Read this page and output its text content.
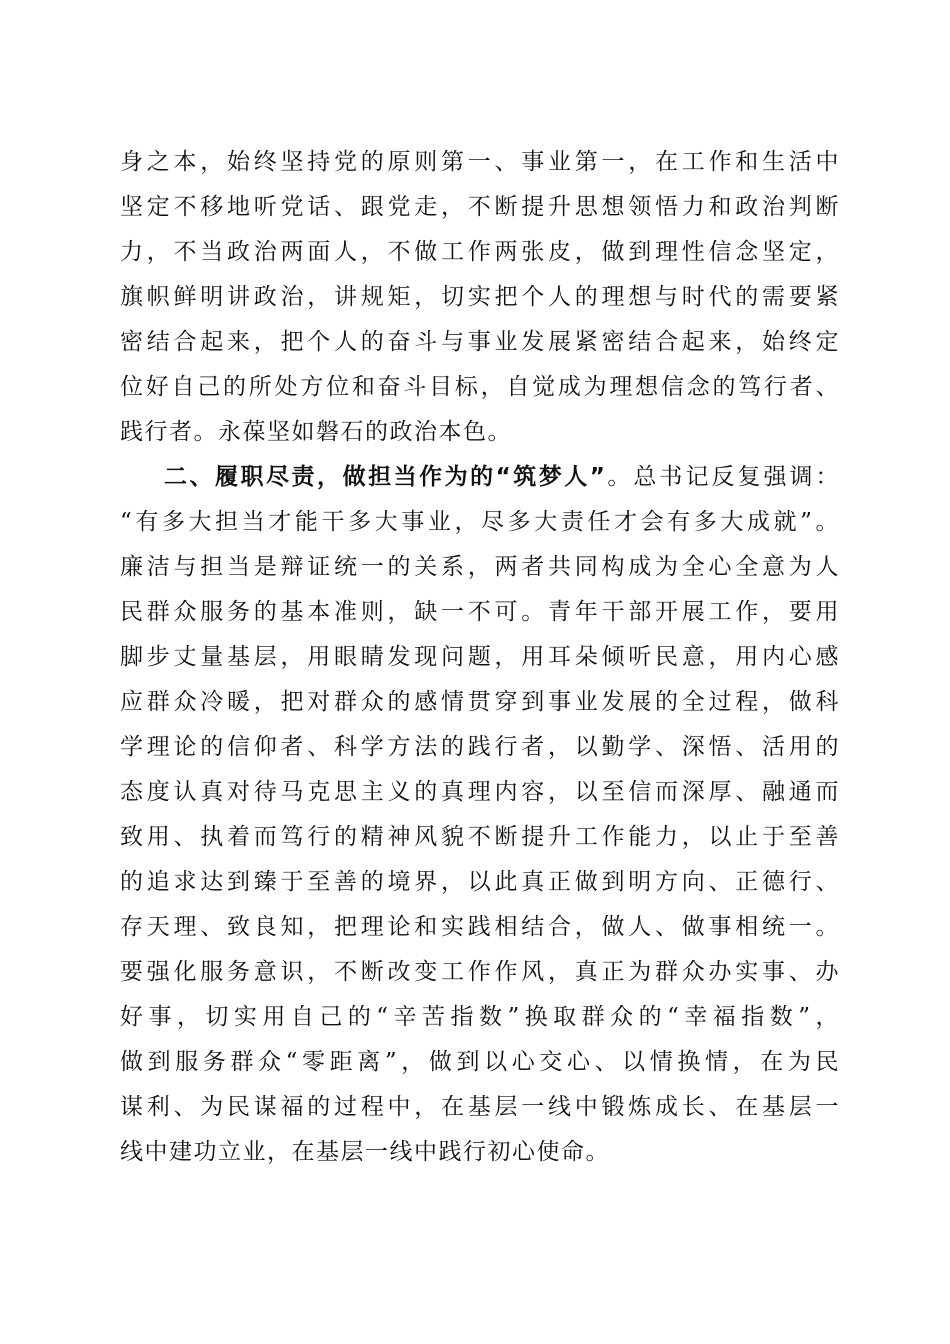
身之本，始终坚持党的原则第一、事业第一，在工作和生活中
坚定不移地听党话、跟党走，不断提升思想领悟力和政治判断
力，不当政治两面人，不做工作两张皮，做到理性信念坚定，
旗帜鲜明讲政治，讲规矩，切实把个人的理想与时代的需要紧
密结合起来，把个人的奋斗与事业发展紧密结合起来，始终定
位好自己的所处方位和奋斗目标，自觉成为理想信念的笃行者、
践行者。永葆坚如磐石的政治本色。
二、履职尽责，做担当作为的“筑梦人”。总书记反复强调：
“有多大担当才能干多大事业，尽多大责任才会有多大成就”。
廉洁与担当是辩证统一的关系，两者共同构成为全心全意为人
民群众服务的基本准则，缺一不可。青年干部开展工作，要用
脚步丈量基层，用眼睛发现问题，用耳朵倾听民意，用内心感
应群众冷暖，把对群众的感情贯穿到事业发展的全过程，做科
学理论的信仰者、科学方法的践行者，以勤学、深悟、活用的
态度认真对待马克思主义的真理内容，以至信而深厚、融通而
致用、执着而笃行的精神风貌不断提升工作能力，以止于至善
的追求达到臻于至善的境界，以此真正做到明方向、正德行、
存天理、致良知，把理论和实践相结合，做人、做事相统一。
要强化服务意识，不断改变工作作风，真正为群众办实事、办
好事，切实用自己的“辛苦指数”换取群众的“幸福指数”，
做到服务群众“零距离”，做到以心交心、以情换情，在为民
谋利、为民谋福的过程中，在基层一线中锻炼成长、在基层一
线中建功立业，在基层一线中践行初心使命。
